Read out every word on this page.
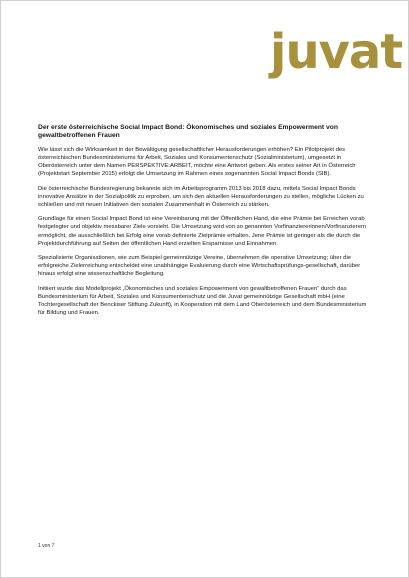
juvat
Der erste österreichische Social Impact Bond: Ökonomisches und soziales Empowerment von gewaltbetroffenen Frauen

Wie lässt sich die Wirksamkeit in der Bewältigung gesellschaftlicher Herausforderungen erhöhen? Ein Pilotprojekt des österreichischen Bundesministeriums für Arbeit, Soziales und Konsumentenschutz (Sozialministerium), umgesetzt in Oberösterreich unter dem Namen PERSPEKTIVE:ARBEIT, möchte eine Antwort geben. Als erstes seiner Art in Österreich (Projektstart September 2015) erfolgt die Umsetzung im Rahmen eines sogenannten Social Impact Bonds (SIB).

Die österreichische Bundesregierung bekannte sich im Arbeitsprogramm 2013 bis 2018 dazu, mittels Social Impact Bonds innovative Ansätze in der Sozialpolitik zu erproben, um sich den aktuellen Herausforderungen zu stellen, mögliche Lücken zu schließen und mit neuen Initiativen den sozialen Zusammenhalt in Österreich zu stärken.

Grundlage für einen Social Impact Bond ist eine Vereinbarung mit der Öffentlichen Hand, die eine Prämie bei Erreichen vorab festgelegter und objektiv messbarer Ziele vorsieht. Die Umsetzung wird von so genannten Vorfinanziererinnen/Vorfinanzierern ermöglicht, die ausschließlich bei Erfolg eine vorab definierte Zielprämie erhalten. Jene Prämie ist geringer als die durch die Projektdurchführung auf Seiten der öffentlichen Hand erzielten Ersparnisse und Einnahmen.

Spezialisierte Organisationen, wie zum Beispiel gemeinnützige Vereine, übernehmen die operative Umsetzung; über die erfolgreiche Zielerreichung entscheidet eine unabhängige Evaluierung durch eine Wirtschaftsprüfungs-gesellschaft, darüber hinaus erfolgt eine wissenschaftliche Begleitung.

Initiiert wurde das Modellprojekt „Ökonomisches und soziales Empowerment von gewaltbetroffenen Frauen“ durch das Bundesministerium für Arbeit, Soziales und Konsumentenschutz und die Juvat gemeinnützige Gesellschaft mbH (eine Tochtergesellschaft der Benckiser Stiftung Zukunft), in Kooperation mit dem Land Oberösterreich und dem Bundesministerium für Bildung und Frauen.

1 von 7
